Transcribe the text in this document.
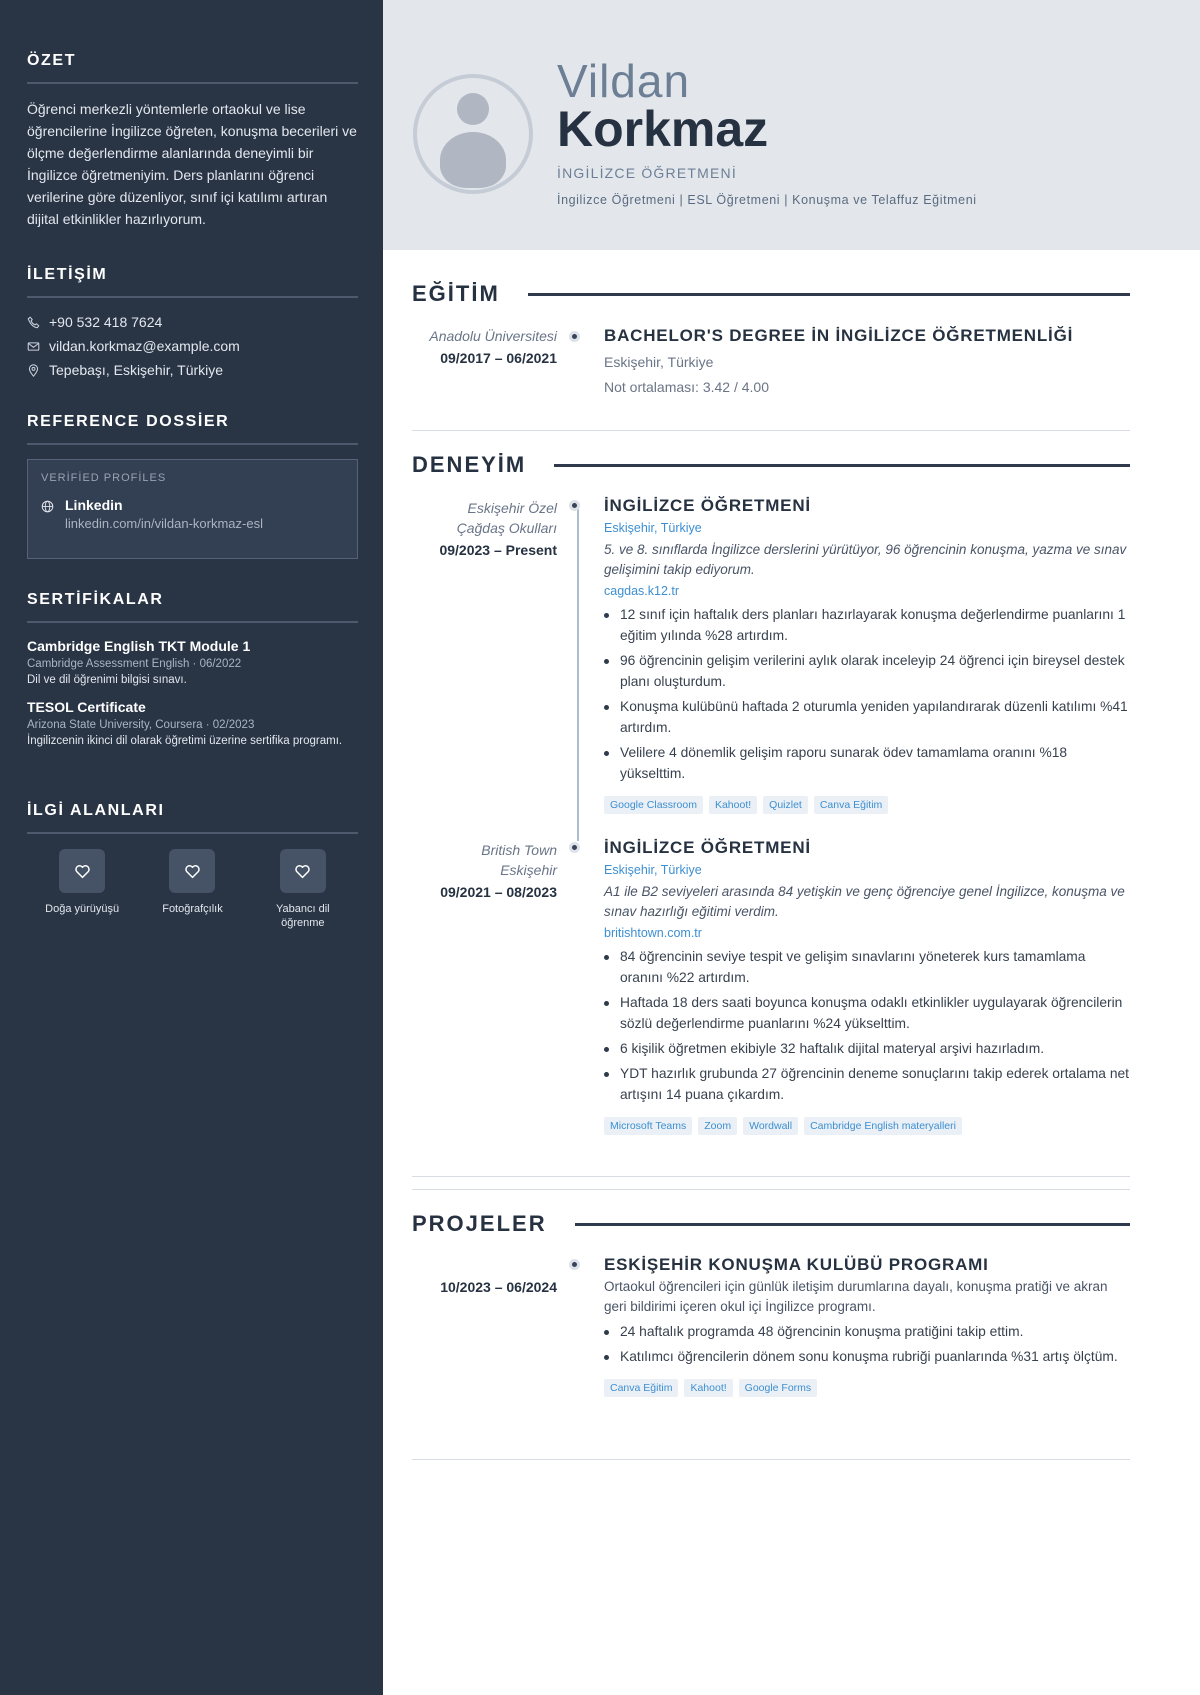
ÖZET

Öğrenci merkezli yöntemlerle ortaokul ve lise öğrencilerine İngilizce öğreten, konuşma becerileri ve ölçme değerlendirme alanlarında deneyimli bir İngilizce öğretmeniyim. Ders planlarını öğrenci verilerine göre düzenliyor, sınıf içi katılımı artıran dijital etkinlikler hazırlıyorum.

İLETİŞİM
+90 532 418 7624
vildan.korkmaz@example.com
Tepebaşı, Eskişehir, Türkiye
REFERENCE DOSSİER
VERİFİED PROFİLES
Linkedin
linkedin.com/in/vildan-korkmaz-esl
SERTİFİKALAR
Cambridge English TKT Module 1
Cambridge Assessment English · 06/2022
Dil ve dil öğrenimi bilgisi sınavı.
TESOL Certificate
Arizona State University, Coursera · 02/2023
İngilizcenin ikinci dil olarak öğretimi üzerine sertifika programı.
İLGİ ALANLARI
Doğa yürüyüşü	Fotoğrafçılık	Yabancı dil öğrenme
Vildan
Korkmaz
İNGİLİZCE ÖĞRETMENİ
İngilizce Öğretmeni | ESL Öğretmeni | Konuşma ve Telaffuz Eğitmeni
EĞİTİM
Anadolu Üniversitesi
09/2017 – 06/2021
BACHELOR'S DEGREE İN İNGİLİZCE ÖĞRETMENLİĞİ
Eskişehir, Türkiye
Not ortalaması: 3.42 / 4.00
DENEYİM
Eskişehir Özel Çağdaş Okulları
09/2023 – Present
İNGİLİZCE ÖĞRETMENİ
Eskişehir, Türkiye
5. ve 8. sınıflarda İngilizce derslerini yürütüyor, 96 öğrencinin konuşma, yazma ve sınav gelişimini takip ediyorum.
cagdas.k12.tr
12 sınıf için haftalık ders planları hazırlayarak konuşma değerlendirme puanlarını 1 eğitim yılında %28 artırdım.
96 öğrencinin gelişim verilerini aylık olarak inceleyip 24 öğrenci için bireysel destek planı oluşturdum.
Konuşma kulübünü haftada 2 oturumla yeniden yapılandırarak düzenli katılımı %41 artırdım.
Velilere 4 dönemlik gelişim raporu sunarak ödev tamamlama oranını %18 yükselttim.
Google Classroom	Kahoot!	Quizlet	Canva Eğitim
British Town Eskişehir
09/2021 – 08/2023
İNGİLİZCE ÖĞRETMENİ
Eskişehir, Türkiye
A1 ile B2 seviyeleri arasında 84 yetişkin ve genç öğrenciye genel İngilizce, konuşma ve sınav hazırlığı eğitimi verdim.
britishtown.com.tr
84 öğrencinin seviye tespit ve gelişim sınavlarını yöneterek kurs tamamlama oranını %22 artırdım.
Haftada 18 ders saati boyunca konuşma odaklı etkinlikler uygulayarak öğrencilerin sözlü değerlendirme puanlarını %24 yükselttim.
6 kişilik öğretmen ekibiyle 32 haftalık dijital materyal arşivi hazırladım.
YDT hazırlık grubunda 27 öğrencinin deneme sonuçlarını takip ederek ortalama net artışını 14 puana çıkardım.
Microsoft Teams	Zoom	Wordwall	Cambridge English materyalleri
PROJELER
10/2023 – 06/2024
ESKİŞEHİR KONUŞMA KULÜBÜ PROGRAMI
Ortaokul öğrencileri için günlük iletişim durumlarına dayalı, konuşma pratiği ve akran geri bildirimi içeren okul içi İngilizce programı.
24 haftalık programda 48 öğrencinin konuşma pratiğini takip ettim.
Katılımcı öğrencilerin dönem sonu konuşma rubriği puanlarında %31 artış ölçtüm.
Canva Eğitim	Kahoot!	Google Forms
